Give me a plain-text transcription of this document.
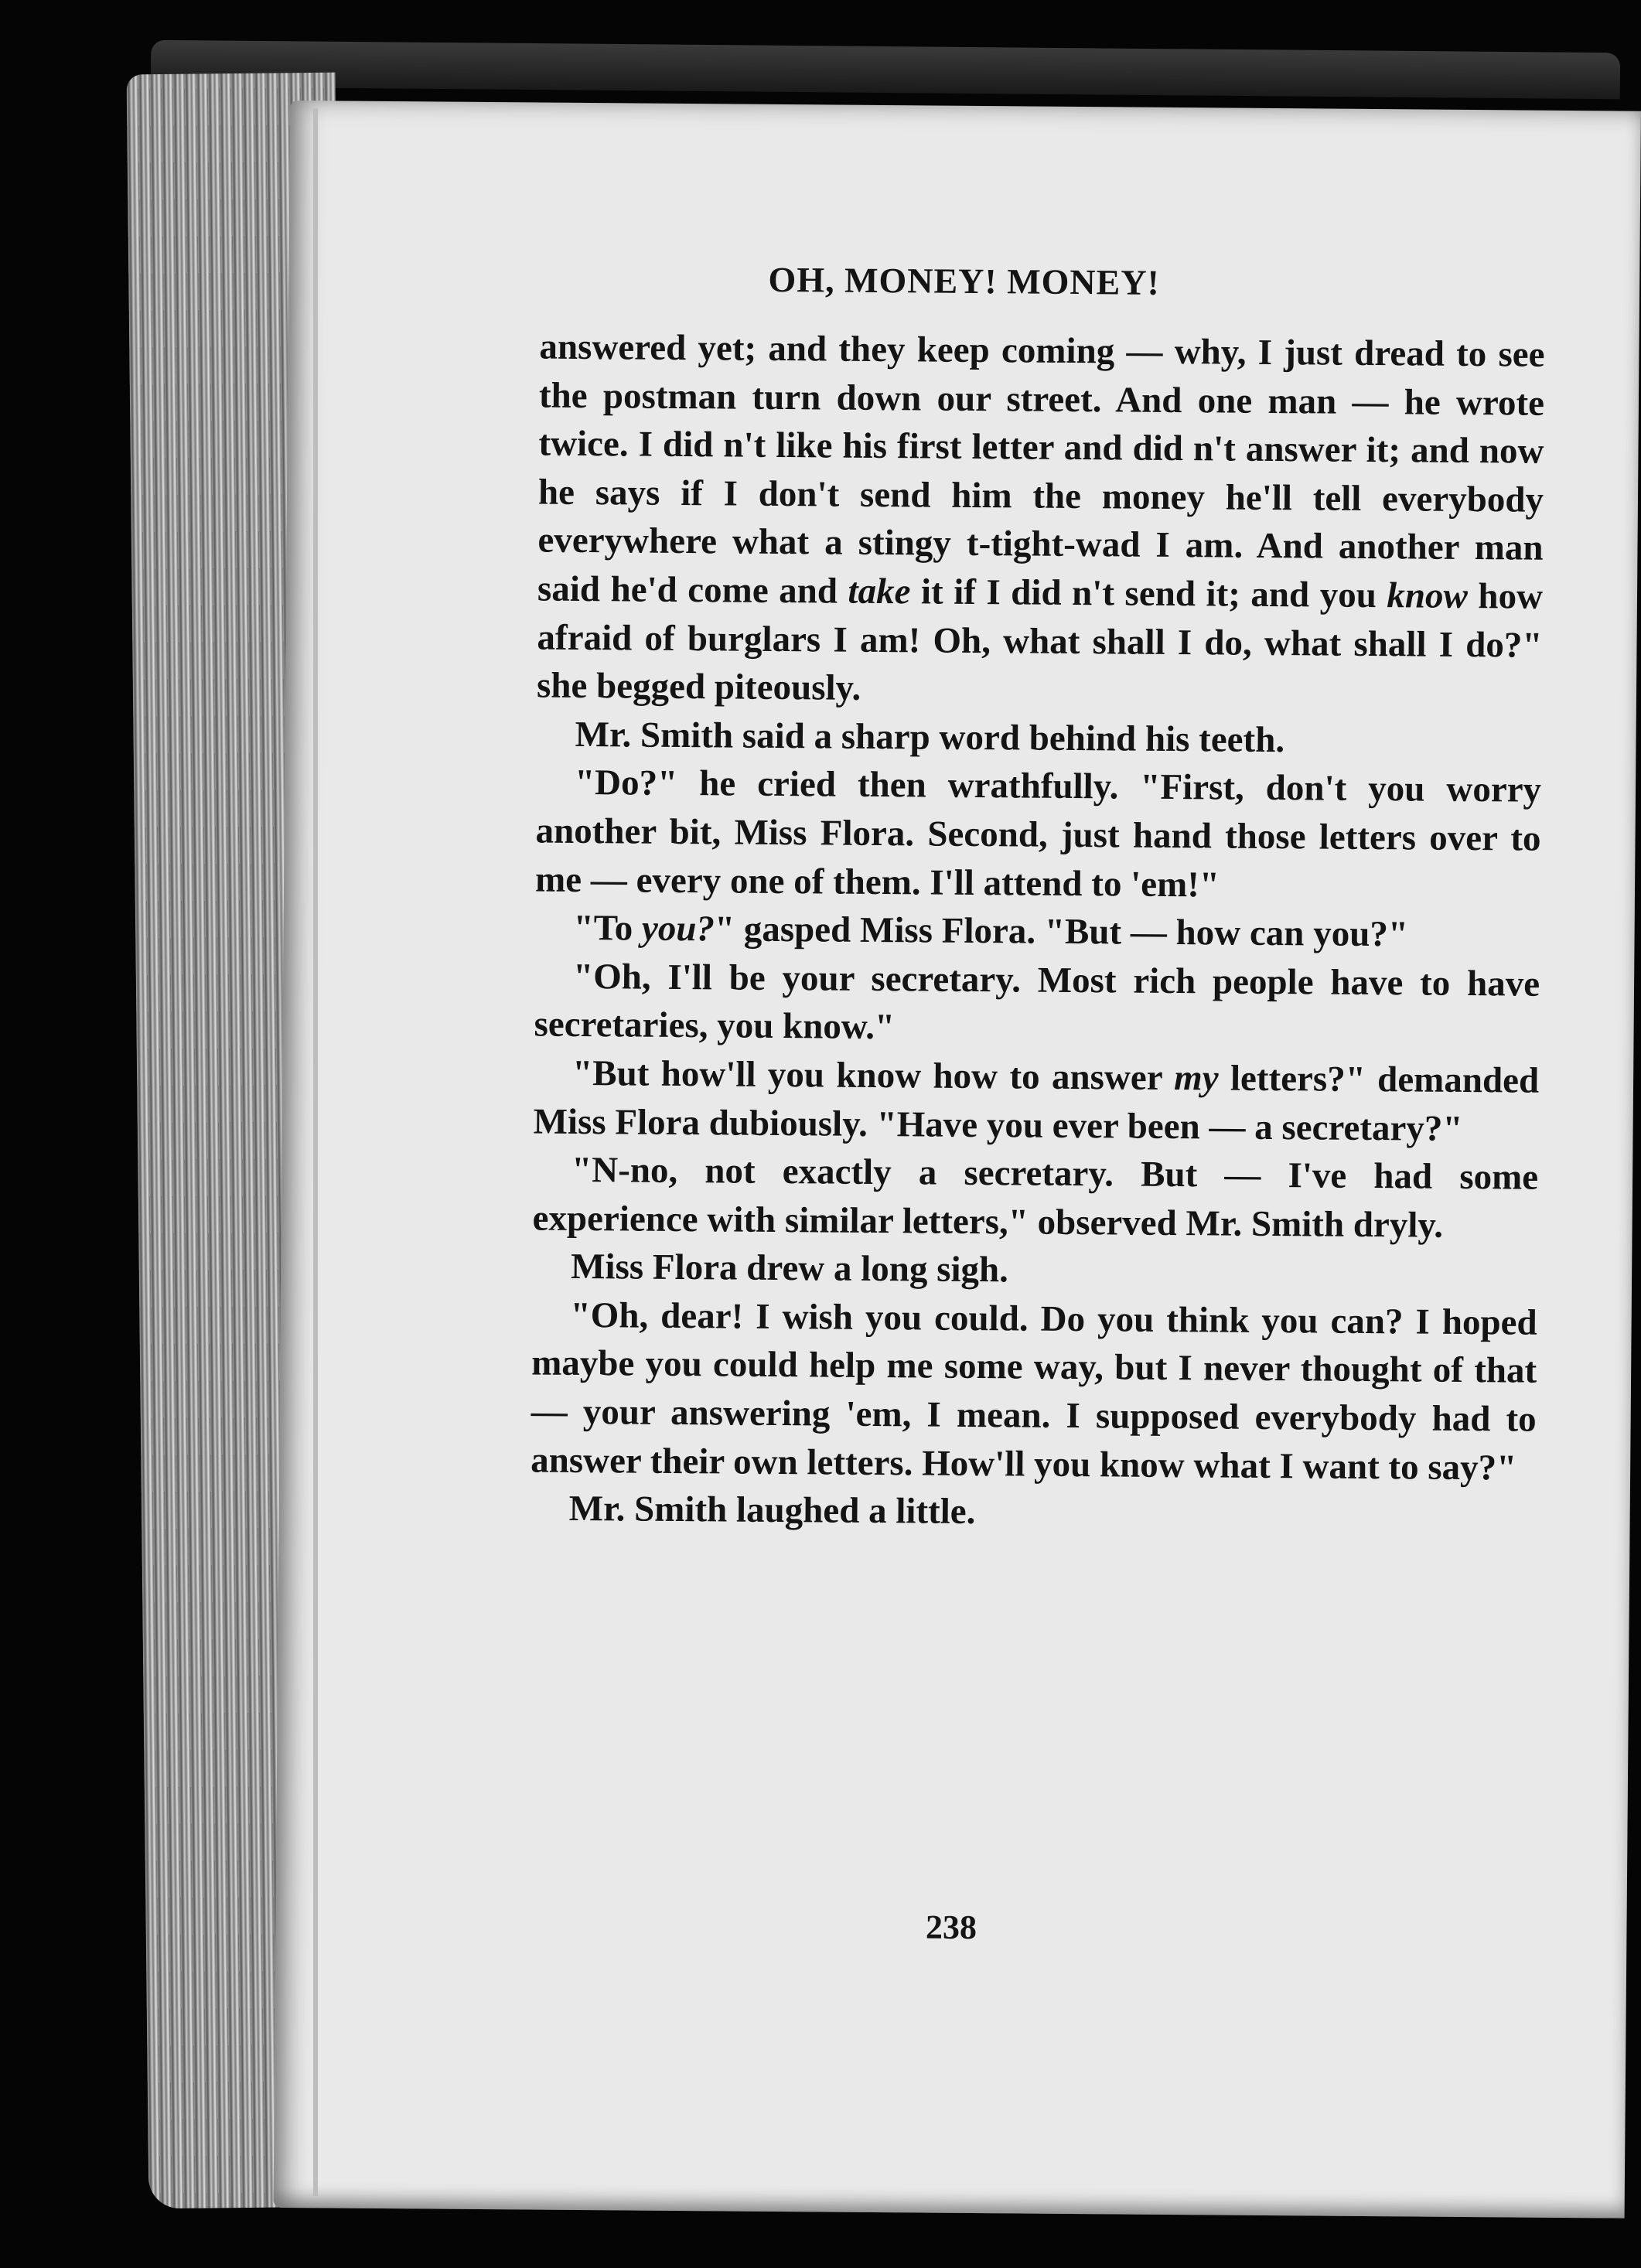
OH, MONEY! MONEY!

answered yet; and they keep coming — why, I just dread to see the postman turn down our street. And one man — he wrote twice. I did n't like his first letter and did n't answer it; and now he says if I don't send him the money he'll tell everybody everywhere what a stingy t-tight-wad I am. And another man said he'd come and take it if I did n't send it; and you know how afraid of burglars I am! Oh, what shall I do, what shall I do?" she begged piteously.

Mr. Smith said a sharp word behind his teeth.

"Do?" he cried then wrathfully. "First, don't you worry another bit, Miss Flora. Second, just hand those letters over to me — every one of them. I'll attend to 'em!"

"To you?" gasped Miss Flora. "But — how can you?"

"Oh, I'll be your secretary. Most rich people have to have secretaries, you know."

"But how'll you know how to answer my letters?" demanded Miss Flora dubiously. "Have you ever been — a secretary?"

"N-no, not exactly a secretary. But — I've had some experience with similar letters," observed Mr. Smith dryly.

Miss Flora drew a long sigh.

"Oh, dear! I wish you could. Do you think you can? I hoped maybe you could help me some way, but I never thought of that — your answering 'em, I mean. I supposed everybody had to answer their own letters. How'll you know what I want to say?"

Mr. Smith laughed a little.

238
